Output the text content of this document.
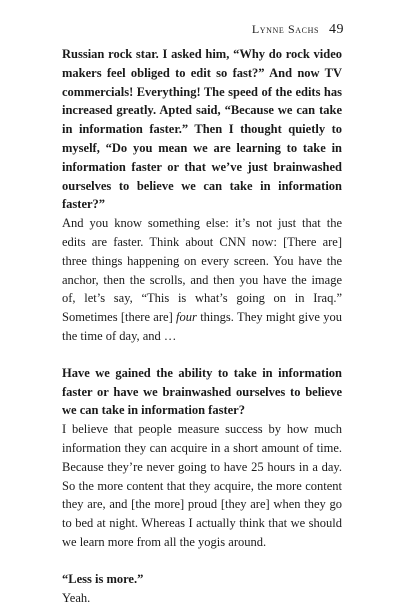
Lynne Sachs 49

Russian rock star. I asked him, “Why do rock video makers feel obliged to edit so fast?” And now TV commercials! Everything! The speed of the edits has increased greatly. Apted said, “Because we can take in information faster.” Then I thought quietly to myself, “Do you mean we are learning to take in information faster or that we’ve just brainwashed ourselves to believe we can take in information faster?”

And you know something else: it’s not just that the edits are faster. Think about CNN now: [There are] three things happening on every screen. You have the anchor, then the scrolls, and then you have the image of, let’s say, “This is what’s going on in Iraq.” Sometimes [there are] four things. They might give you the time of day, and …

Have we gained the ability to take in information faster or have we brainwashed ourselves to believe we can take in information faster?

I believe that people measure success by how much information they can acquire in a short amount of time. Because they’re never going to have 25 hours in a day. So the more content that they acquire, the more content they are, and [the more] proud [they are] when they go to bed at night. Whereas I actually think that we should we learn more from all the yogis around.

“Less is more.”

Yeah.
